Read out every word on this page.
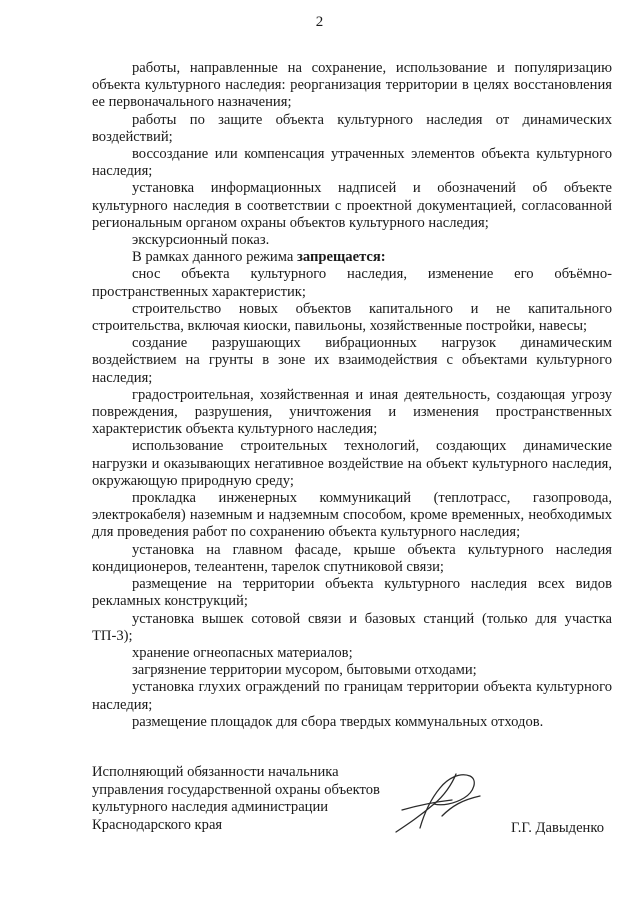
2

работы, направленные на сохранение, использование и популяризацию объекта культурного наследия: реорганизация территории в целях восстановления ее первоначального назначения;

работы по защите объекта культурного наследия от динамических воздействий;

воссоздание или компенсация утраченных элементов объекта культурного наследия;

установка информационных надписей и обозначений об объекте культурного наследия в соответствии с проектной документацией, согласованной региональным органом охраны объектов культурного наследия;

экскурсионный показ.

В рамках данного режима запрещается:

снос объекта культурного наследия, изменение его объёмно-пространственных характеристик;

строительство новых объектов капитального и не капитального строительства, включая киоски, павильоны, хозяйственные постройки, навесы;

создание разрушающих вибрационных нагрузок динамическим воздействием на грунты в зоне их взаимодействия с объектами культурного наследия;

градостроительная, хозяйственная и иная деятельность, создающая угрозу повреждения, разрушения, уничтожения и изменения пространственных характеристик объекта культурного наследия;

использование строительных технологий, создающих динамические нагрузки и оказывающих негативное воздействие на объект культурного наследия, окружающую природную среду;

прокладка инженерных коммуникаций (теплотрасс, газопровода, электрокабеля) наземным и надземным способом, кроме временных, необходимых для проведения работ по сохранению объекта культурного наследия;

установка на главном фасаде, крыше объекта культурного наследия кондиционеров, телеантенн, тарелок спутниковой связи;

размещение на территории объекта культурного наследия всех видов рекламных конструкций;

установка вышек сотовой связи и базовых станций (только для участка ТП-3);

хранение огнеопасных материалов;

загрязнение территории мусором, бытовыми отходами;

установка глухих ограждений по границам территории объекта культурного наследия;

размещение площадок для сбора твердых коммунальных отходов.

Исполняющий обязанности начальника
управления государственной охраны объектов
культурного наследия администрации
Краснодарского края	Г.Г. Давыденко
